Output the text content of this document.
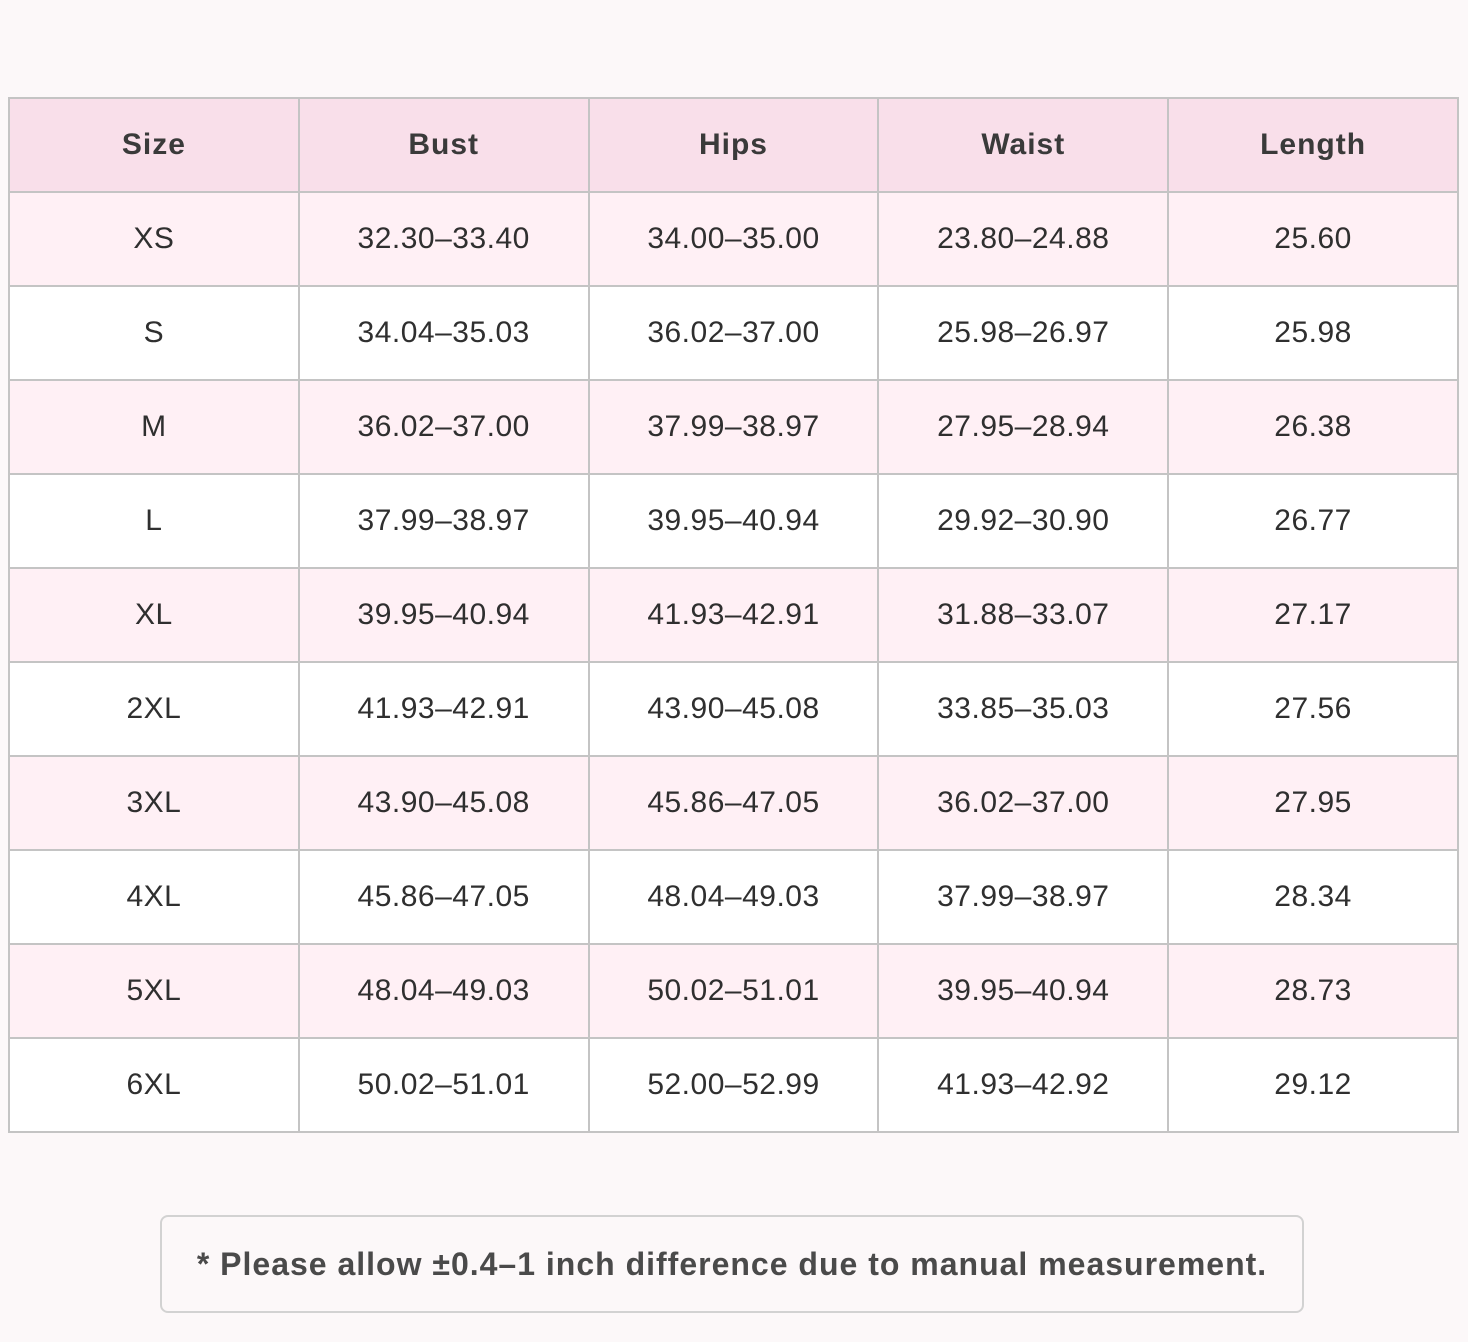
Size	Bust	Hips	Waist	Length
XS	32.30–33.40	34.00–35.00	23.80–24.88	25.60
S	34.04–35.03	36.02–37.00	25.98–26.97	25.98
M	36.02–37.00	37.99–38.97	27.95–28.94	26.38
L	37.99–38.97	39.95–40.94	29.92–30.90	26.77
XL	39.95–40.94	41.93–42.91	31.88–33.07	27.17
2XL	41.93–42.91	43.90–45.08	33.85–35.03	27.56
3XL	43.90–45.08	45.86–47.05	36.02–37.00	27.95
4XL	45.86–47.05	48.04–49.03	37.99–38.97	28.34
5XL	48.04–49.03	50.02–51.01	39.95–40.94	28.73
6XL	50.02–51.01	52.00–52.99	41.93–42.92	29.12
* Please allow ±0.4–1 inch difference due to manual measurement.
